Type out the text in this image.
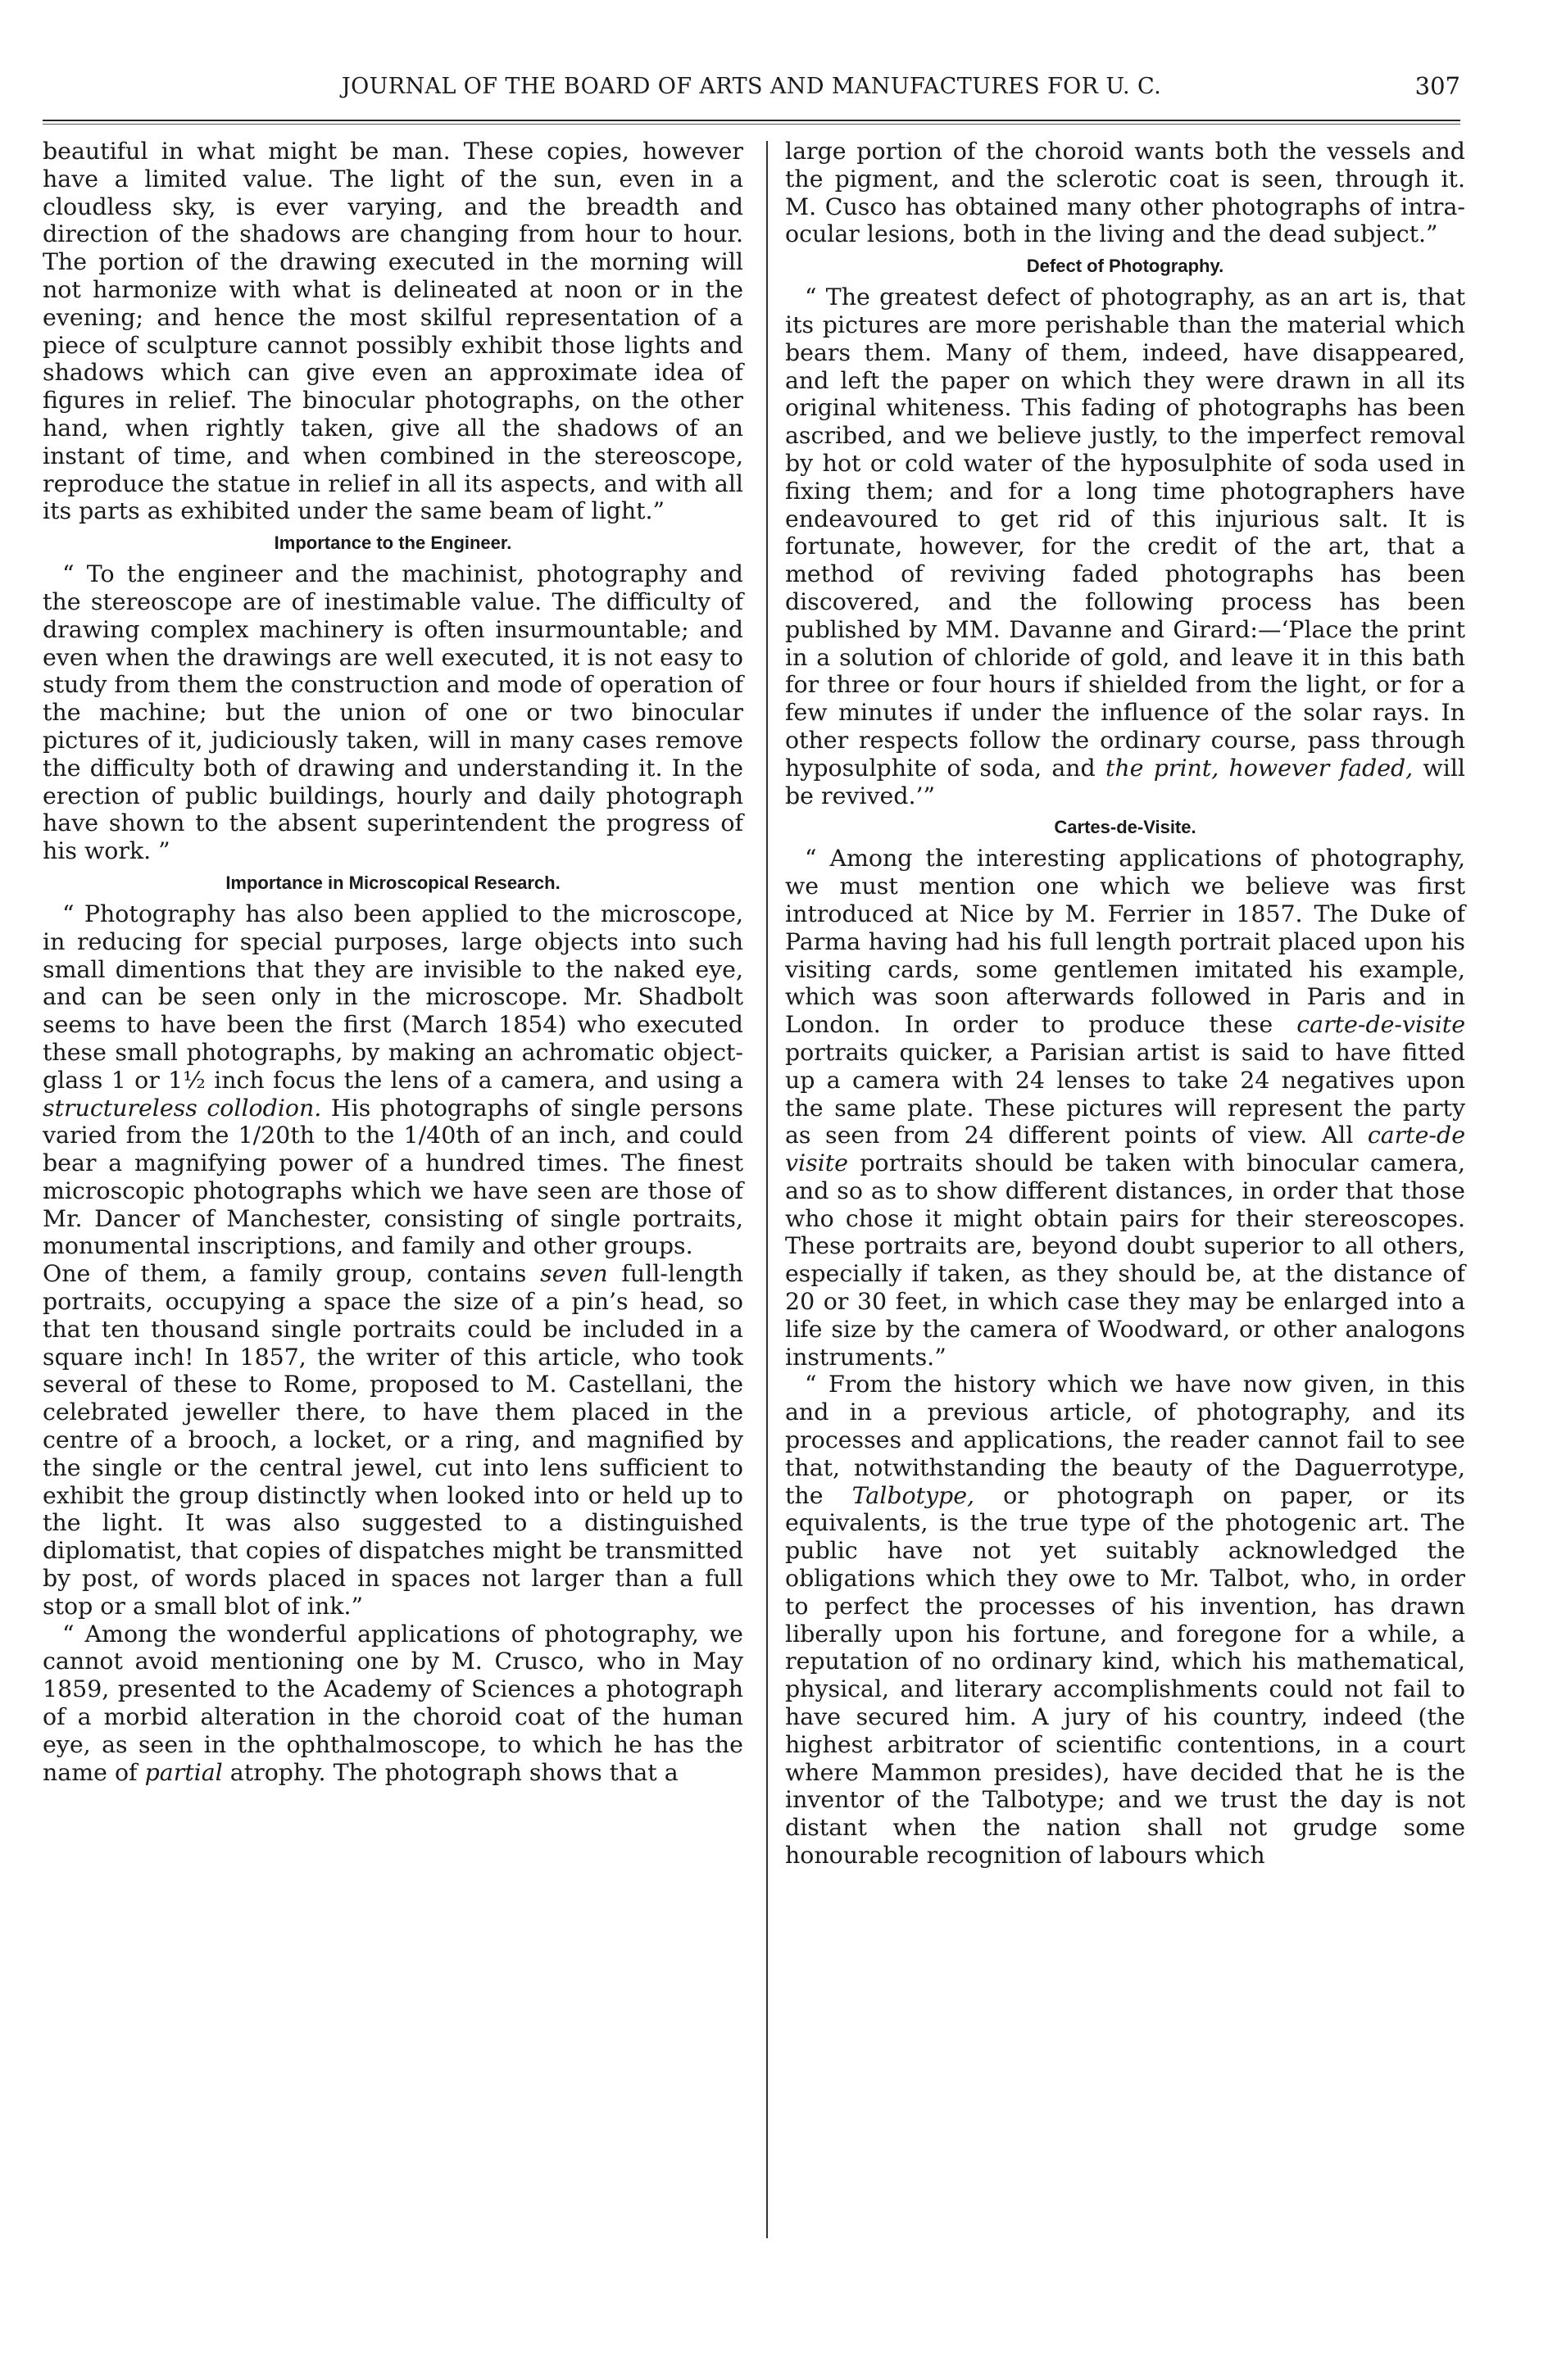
JOURNAL OF THE BOARD OF ARTS AND MANUFACTURES FOR U. C.	307

beautiful in what might be man. These copies, however have a limited value. The light of the sun, even in a cloudless sky, is ever varying, and the breadth and direction of the shadows are changing from hour to hour. The portion of the drawing executed in the morning will not harmonize with what is delineated at noon or in the evening; and hence the most skilful representation of a piece of sculpture cannot possibly exhibit those lights and shadows which can give even an approximate idea of figures in relief. The binocular photographs, on the other hand, when rightly taken, give all the shadows of an instant of time, and when combined in the stereoscope, reproduce the statue in relief in all its aspects, and with all its parts as exhibited under the same beam of light.”

Importance to the Engineer.

“ To the engineer and the machinist, photography and the stereoscope are of inestimable value. The difficulty of drawing complex machinery is often insurmountable; and even when the drawings are well executed, it is not easy to study from them the construction and mode of operation of the machine; but the union of one or two binocular pictures of it, judiciously taken, will in many cases remove the difficulty both of drawing and understanding it. In the erection of public buildings, hourly and daily photograph have shown to the absent superintendent the progress of his work. ”

Importance in Microscopical Research.

“ Photography has also been applied to the microscope, in reducing for special purposes, large objects into such small dimentions that they are invisible to the naked eye, and can be seen only in the microscope. Mr. Shadbolt seems to have been the first (March 1854) who executed these small photographs, by making an achromatic object-glass 1 or 1½ inch focus the lens of a camera, and using a structureless collodion. His photographs of single persons varied from the 1/20th to the 1/40th of an inch, and could bear a magnifying power of a hundred times. The finest microscopic photographs which we have seen are those of Mr. Dancer of Manchester, consisting of single portraits, monumental inscriptions, and family and other groups.

One of them, a family group, contains seven full-length portraits, occupying a space the size of a pin’s head, so that ten thousand single portraits could be included in a square inch! In 1857, the writer of this article, who took several of these to Rome, proposed to M. Castellani, the celebrated jeweller there, to have them placed in the centre of a brooch, a locket, or a ring, and magnified by the single or the central jewel, cut into lens sufficient to exhibit the group distinctly when looked into or held up to the light. It was also suggested to a distinguished diplomatist, that copies of dispatches might be transmitted by post, of words placed in spaces not larger than a full stop or a small blot of ink.”

“ Among the wonderful applications of photography, we cannot avoid mentioning one by M. Crusco, who in May 1859, presented to the Academy of Sciences a photograph of a morbid alteration in the choroid coat of the human eye, as seen in the ophthalmoscope, to which he has the name of partial atrophy. The photograph shows that a

large portion of the choroid wants both the vessels and the pigment, and the sclerotic coat is seen, through it. M. Cusco has obtained many other photographs of intra-ocular lesions, both in the living and the dead subject.”

Defect of Photography.

“ The greatest defect of photography, as an art is, that its pictures are more perishable than the material which bears them. Many of them, indeed, have disappeared, and left the paper on which they were drawn in all its original whiteness. This fading of photographs has been ascribed, and we believe justly, to the imperfect removal by hot or cold water of the hyposulphite of soda used in fixing them; and for a long time photographers have endeavoured to get rid of this injurious salt. It is fortunate, however, for the credit of the art, that a method of reviving faded photographs has been discovered, and the following process has been published by MM. Davanne and Girard:—‘Place the print in a solution of chloride of gold, and leave it in this bath for three or four hours if shielded from the light, or for a few minutes if under the influence of the solar rays. In other respects follow the ordinary course, pass through hyposulphite of soda, and the print, however faded, will be revived.’”

Cartes-de-Visite.

“ Among the interesting applications of photography, we must mention one which we believe was first introduced at Nice by M. Ferrier in 1857. The Duke of Parma having had his full length portrait placed upon his visiting cards, some gentlemen imitated his example, which was soon afterwards followed in Paris and in London. In order to produce these carte-de-visite portraits quicker, a Parisian artist is said to have fitted up a camera with 24 lenses to take 24 negatives upon the same plate. These pictures will represent the party as seen from 24 different points of view. All carte-de visite portraits should be taken with binocular camera, and so as to show different distances, in order that those who chose it might obtain pairs for their stereoscopes. These portraits are, beyond doubt superior to all others, especially if taken, as they should be, at the distance of 20 or 30 feet, in which case they may be enlarged into a life size by the camera of Woodward, or other analogons instruments.”

“ From the history which we have now given, in this and in a previous article, of photography, and its processes and applications, the reader cannot fail to see that, notwithstanding the beauty of the Daguerrotype, the Talbotype, or photograph on paper, or its equivalents, is the true type of the photogenic art. The public have not yet suitably acknowledged the obligations which they owe to Mr. Talbot, who, in order to perfect the processes of his invention, has drawn liberally upon his fortune, and foregone for a while, a reputation of no ordinary kind, which his mathematical, physical, and literary accomplishments could not fail to have secured him. A jury of his country, indeed (the highest arbitrator of scientific contentions, in a court where Mammon presides), have decided that he is the inventor of the Talbotype; and we trust the day is not distant when the nation shall not grudge some honourable recognition of labours which
